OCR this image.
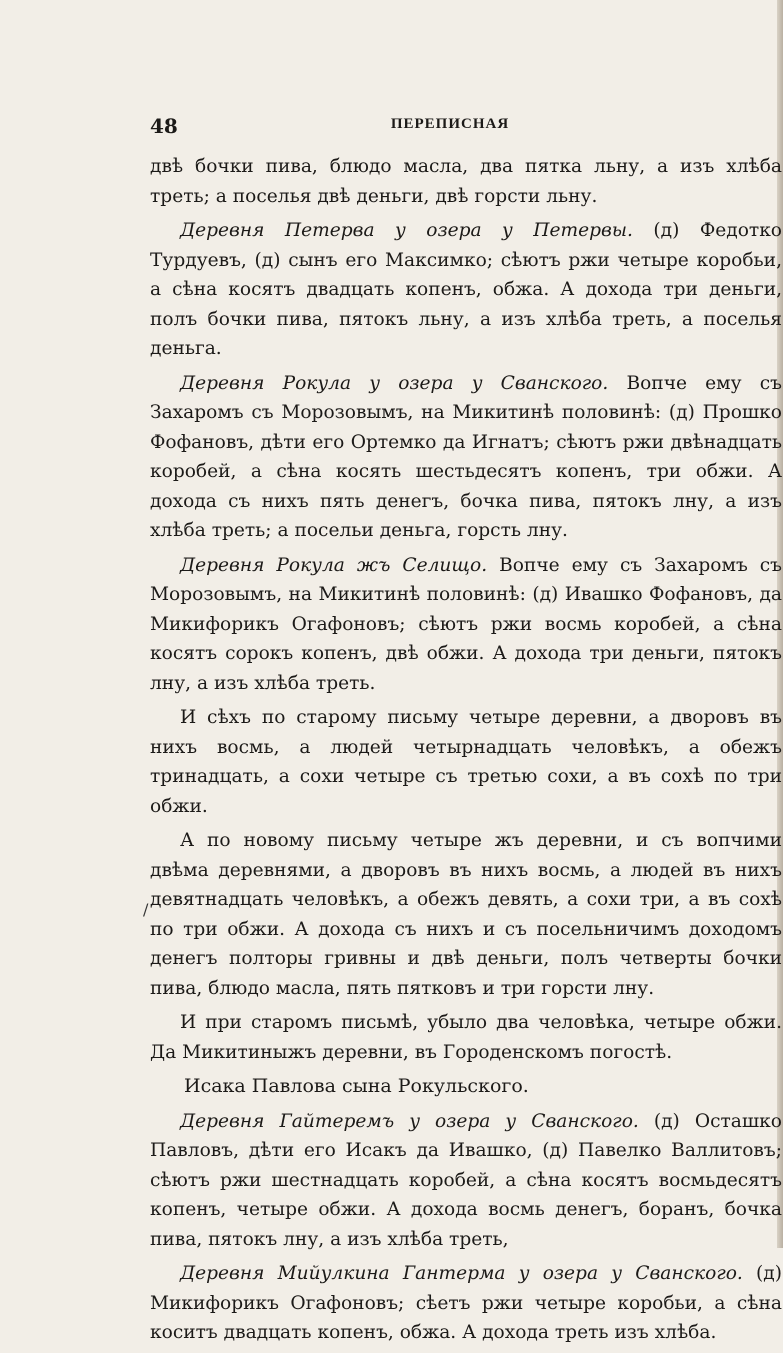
48	ПЕРЕПИСНАЯ

двѣ бочки пива, блюдо масла, два пятка льну, а изъ хлѣба треть; а поселья двѣ деньги, двѣ горсти льну.

Деревня Петерва у озера у Петервы. (д) Федотко Турдуевъ, (д) сынъ его Максимко; сѣютъ ржи четыре коробьи, а сѣна косятъ двадцать копенъ, обжа. А дохода три деньги, полъ бочки пива, пятокъ льну, а изъ хлѣба треть, а поселья деньга.

Деревня Рокула у озера у Сванского. Вопче ему съ Захаромъ съ Морозовымъ, на Микитинѣ половинѣ: (д) Прошко Фофановъ, дѣти его Ортемко да Игнатъ; сѣютъ ржи двѣнадцать коробей, а сѣна косять шестьдесятъ копенъ, три обжи. А дохода съ нихъ пять денегъ, бочка пива, пятокъ лну, а изъ хлѣба треть; а посельи деньга, горсть лну.

Деревня Рокула жъ Селищо. Вопче ему съ Захаромъ съ Морозовымъ, на Микитинѣ половинѣ: (д) Ивашко Фофановъ, да Микифорикъ Огафоновъ; сѣютъ ржи восмь коробей, а сѣна косятъ сорокъ копенъ, двѣ обжи. А дохода три деньги, пятокъ лну, а изъ хлѣба треть.

И сѣхъ по старому письму четыре деревни, а дворовъ въ нихъ восмь, а людей четырнадцать человѣкъ, а обежъ тринадцать, а сохи четыре съ третью сохи, а въ сохѣ по три обжи.

А по новому письму четыре жъ деревни, и съ вопчими двѣма деревнями, а дворовъ въ нихъ восмь, а людей въ нихъ девятнадцать человѣкъ, а обежъ девять, а сохи три, а въ сохѣ по три обжи. А дохода съ нихъ и съ посельничимъ доходомъ денегъ полторы гривны и двѣ деньги, полъ четверты бочки пива, блюдо масла, пять пятковъ и три горсти лну.

И при старомъ письмѣ, убыло два человѣка, четыре обжи. Да Микитиныжъ деревни, въ Городенскомъ погостѣ.

Исака Павлова сына Рокульского.

Деревня Гайтеремъ у озера у Сванского. (д) Осташко Павловъ, дѣти его Исакъ да Ивашко, (д) Павелко Валлитовъ; сѣютъ ржи шестнадцать коробей, а сѣна косятъ восмьдесятъ копенъ, четыре обжи. А дохода восмь денегъ, боранъ, бочка пива, пятокъ лну, а изъ хлѣба треть,

Деревня Мийулкина Гантерма у озера у Сванского. (д) Микифорикъ Огафоновъ; сѣетъ ржи четыре коробьи, а сѣна коситъ двадцать копенъ, обжа. А дохода треть изъ хлѣба.

/
